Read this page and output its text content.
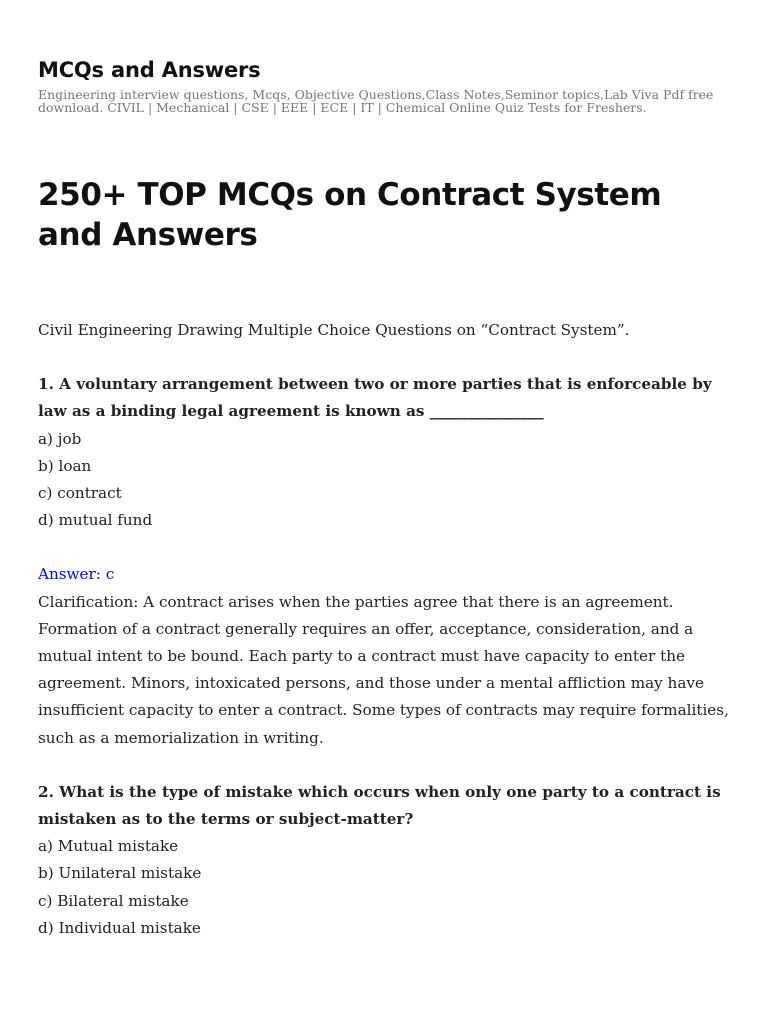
MCQs and Answers

Engineering interview questions, Mcqs, Objective Questions,Class Notes,Seminor topics,Lab Viva Pdf free download. CIVIL | Mechanical | CSE | EEE | ECE | IT | Chemical Online Quiz Tests for Freshers.

250+ TOP MCQs on Contract System and Answers

Civil Engineering Drawing Multiple Choice Questions on “Contract System”.

1. A voluntary arrangement between two or more parties that is enforceable by law as a binding legal agreement is known as _______________

a) job

b) loan

c) contract

d) mutual fund

Answer: c

Clarification: A contract arises when the parties agree that there is an agreement. Formation of a contract generally requires an offer, acceptance, consideration, and a mutual intent to be bound. Each party to a contract must have capacity to enter the agreement. Minors, intoxicated persons, and those under a mental affliction may have insufficient capacity to enter a contract. Some types of contracts may require formalities, such as a memorialization in writing.

2. What is the type of mistake which occurs when only one party to a contract is mistaken as to the terms or subject-matter?

a) Mutual mistake

b) Unilateral mistake

c) Bilateral mistake

d) Individual mistake
